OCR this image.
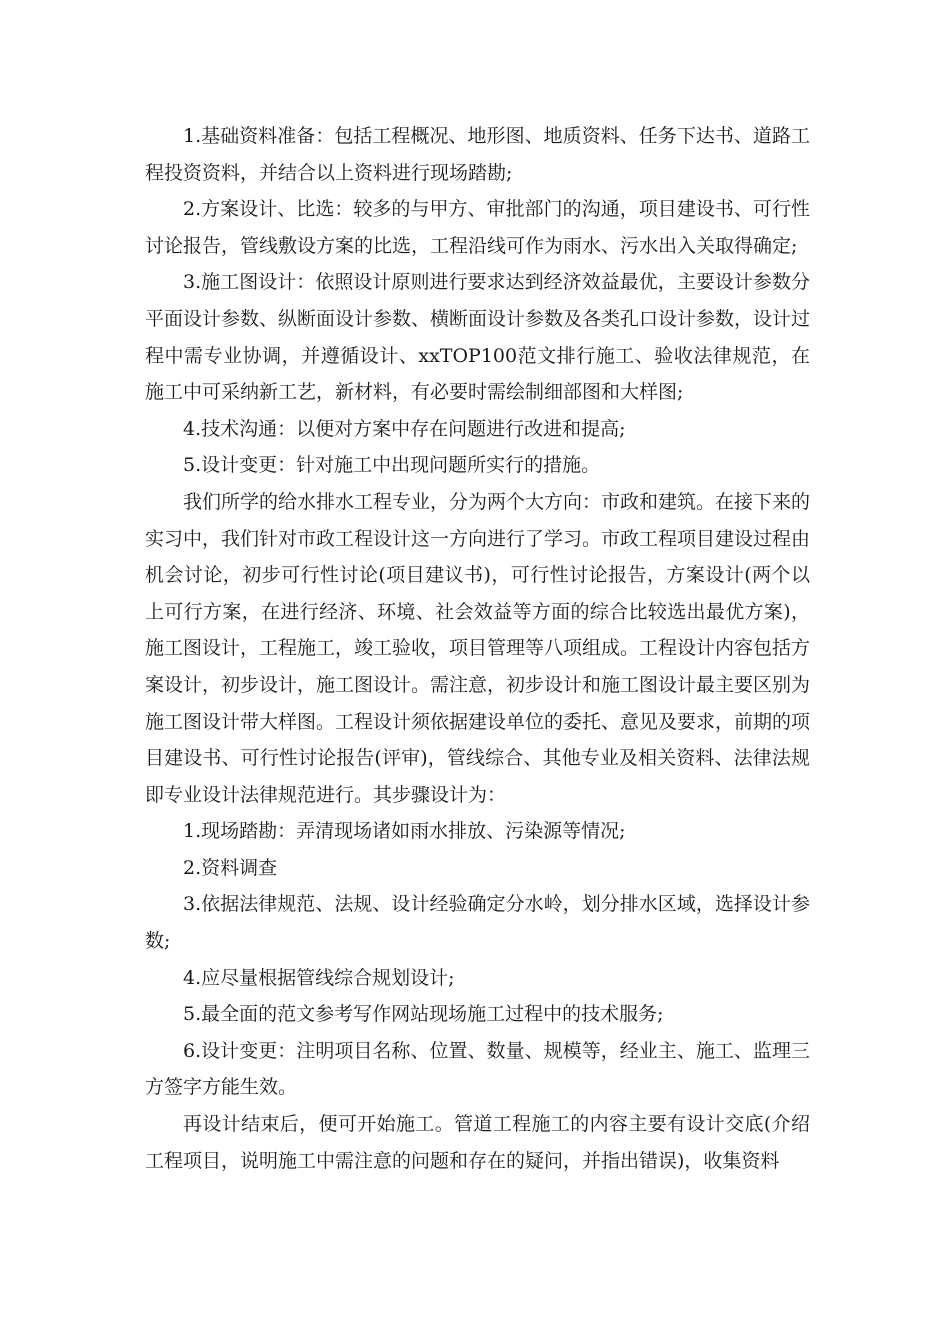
1.基础资料准备：包括工程概况、地形图、地质资料、任务下达书、道路工程投资资料，并结合以上资料进行现场踏勘;

2.方案设计、比选：较多的与甲方、审批部门的沟通，项目建设书、可行性讨论报告，管线敷设方案的比选，工程沿线可作为雨水、污水出入关取得确定;

3.施工图设计：依照设计原则进行要求达到经济效益最优，主要设计参数分平面设计参数、纵断面设计参数、横断面设计参数及各类孔口设计参数，设计过程中需专业协调，并遵循设计、xxTOP100范文排行施工、验收法律规范，在施工中可采纳新工艺，新材料，有必要时需绘制细部图和大样图;

4.技术沟通：以便对方案中存在问题进行改进和提高;

5.设计变更：针对施工中出现问题所实行的措施。

我们所学的给水排水工程专业，分为两个大方向：市政和建筑。在接下来的实习中，我们针对市政工程设计这一方向进行了学习。市政工程项目建设过程由机会讨论，初步可行性讨论(项目建议书)，可行性讨论报告，方案设计(两个以上可行方案，在进行经济、环境、社会效益等方面的综合比较选出最优方案)，施工图设计，工程施工，竣工验收，项目管理等八项组成。工程设计内容包括方案设计，初步设计，施工图设计。需注意，初步设计和施工图设计最主要区别为施工图设计带大样图。工程设计须依据建设单位的委托、意见及要求，前期的项目建设书、可行性讨论报告(评审)，管线综合、其他专业及相关资料、法律法规即专业设计法律规范进行。其步骤设计为：

1.现场踏勘：弄清现场诸如雨水排放、污染源等情况;

2.资料调查

3.依据法律规范、法规、设计经验确定分水岭，划分排水区域，选择设计参数;

4.应尽量根据管线综合规划设计;

5.最全面的范文参考写作网站现场施工过程中的技术服务;

6.设计变更：注明项目名称、位置、数量、规模等，经业主、施工、监理三方签字方能生效。

再设计结束后，便可开始施工。管道工程施工的内容主要有设计交底(介绍工程项目，说明施工中需注意的问题和存在的疑问，并指出错误)，收集资料
